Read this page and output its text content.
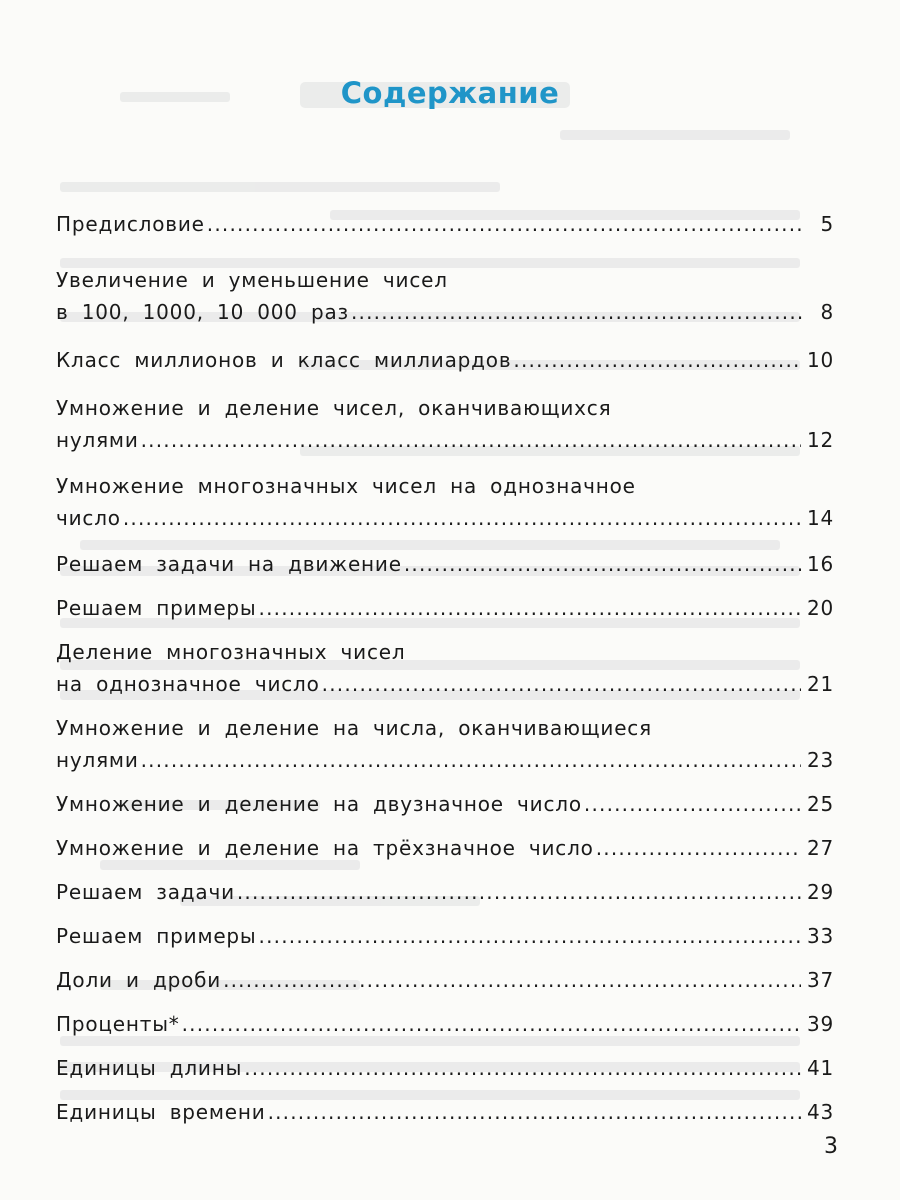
Содержание
Предисловие .....	5
Увеличение и уменьшение чисел
в 100, 1000, 10 000 раз .....	8
Класс миллионов и класс миллиардов .....	10
Умножение и деление чисел, оканчивающихся
нулями .....	12
Умножение многозначных чисел на однозначное
число .....	14
Решаем задачи на движение .....	16
Решаем примеры .....	20
Деление многозначных чисел
на однозначное число .....	21
Умножение и деление на числа, оканчивающиеся
нулями .....	23
Умножение и деление на двузначное число .....	25
Умножение и деление на трёхзначное число .....	27
Решаем задачи .....	29
Решаем примеры .....	33
Доли и дроби .....	37
Проценты* .....	39
Единицы длины .....	41
Единицы времени .....	43
3
